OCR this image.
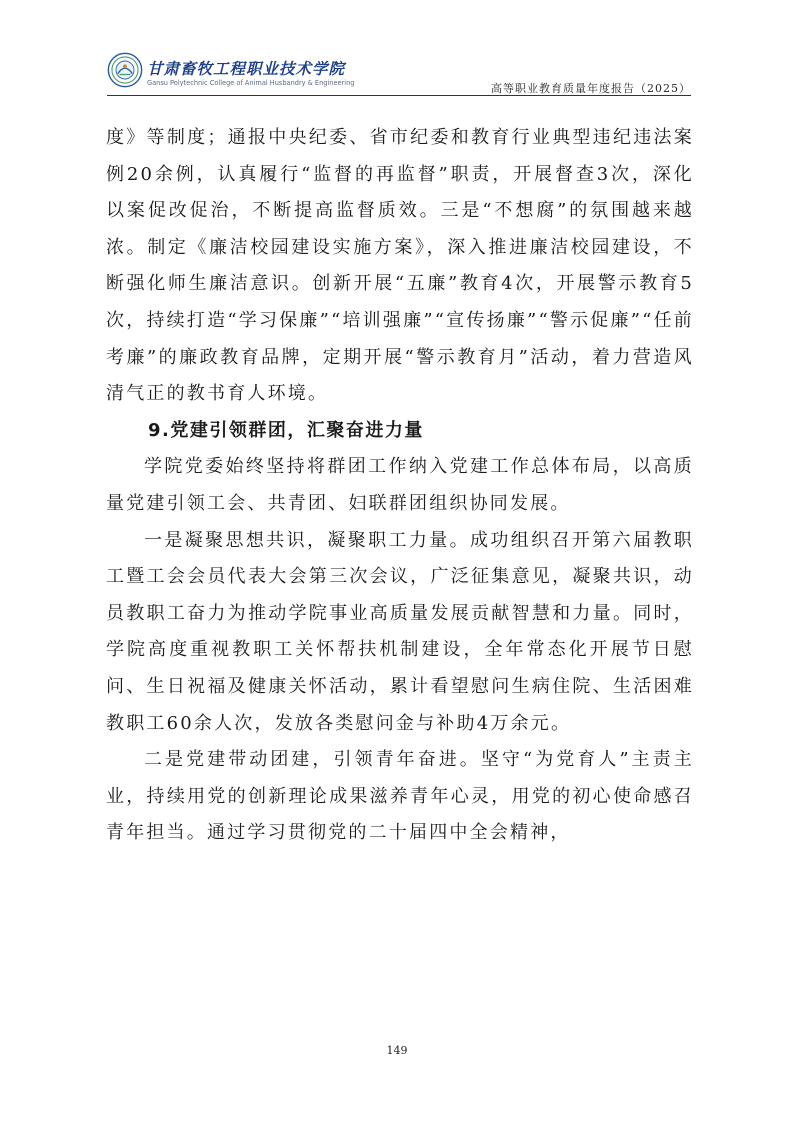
甘肃畜牧工程职业技术学院
Gansu Polytechnic College of Animal Husbandry & Engineering	高等职业教育质量年度报告（2025）

度》等制度；通报中央纪委、省市纪委和教育行业典型违纪违法案例20余例，认真履行“监督的再监督”职责，开展督查3次，深化以案促改促治，不断提高监督质效。三是“不想腐”的氛围越来越浓。制定《廉洁校园建设实施方案》，深入推进廉洁校园建设，不断强化师生廉洁意识。创新开展“五廉”教育4次，开展警示教育5次，持续打造“学习保廉”“培训强廉”“宣传扬廉”“警示促廉”“任前考廉”的廉政教育品牌，定期开展“警示教育月”活动，着力营造风清气正的教书育人环境。

9.党建引领群团，汇聚奋进力量

学院党委始终坚持将群团工作纳入党建工作总体布局，以高质量党建引领工会、共青团、妇联群团组织协同发展。

一是凝聚思想共识，凝聚职工力量。成功组织召开第六届教职工暨工会会员代表大会第三次会议，广泛征集意见，凝聚共识，动员教职工奋力为推动学院事业高质量发展贡献智慧和力量。同时，学院高度重视教职工关怀帮扶机制建设，全年常态化开展节日慰问、生日祝福及健康关怀活动，累计看望慰问生病住院、生活困难教职工60余人次，发放各类慰问金与补助4万余元。

二是党建带动团建，引领青年奋进。坚守“为党育人”主责主业，持续用党的创新理论成果滋养青年心灵，用党的初心使命感召青年担当。通过学习贯彻党的二十届四中全会精神，

149
